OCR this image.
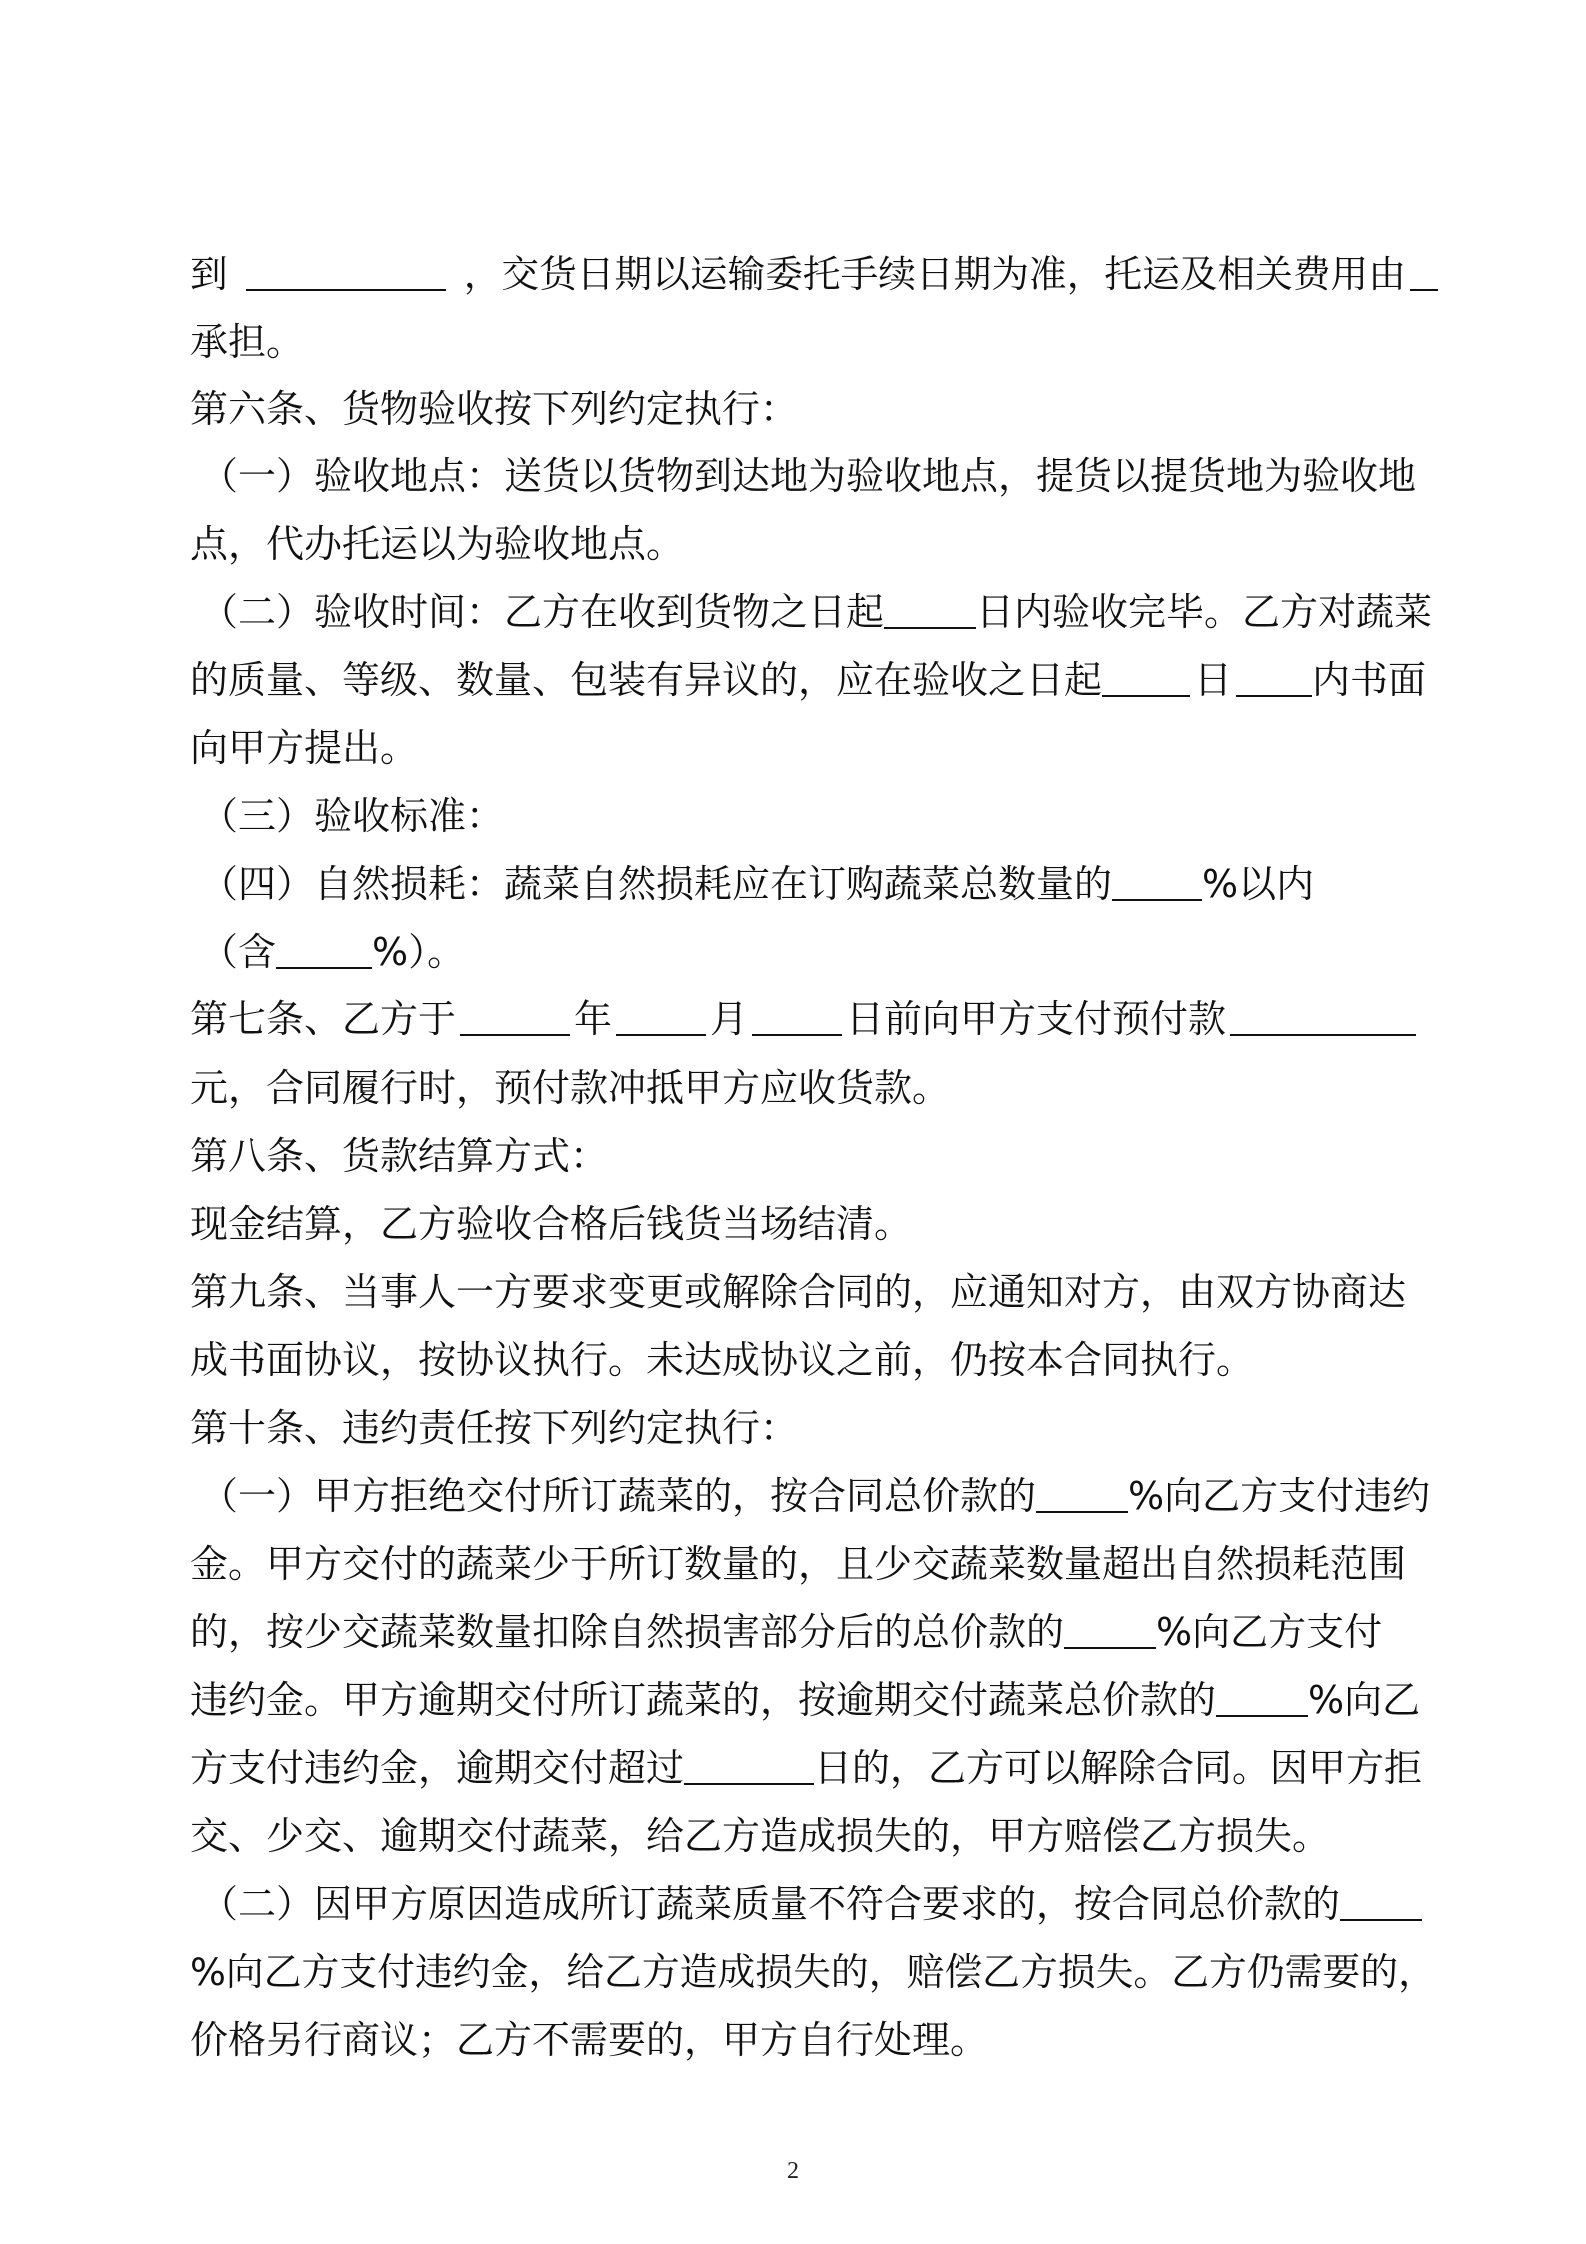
到	，交货日期以运输委托手续日期为准，托运及相关费用由
承担。
第六条、货物验收按下列约定执行：
（一）验收地点：送货以货物到达地为验收地点，提货以提货地为验收地
点，代办托运以为验收地点。
（二）验收时间：乙方在收到货物之日起 日内验收完毕。乙方对蔬菜
的质量、等级、数量、包装有异议的，应在验收之日起 日 内书面
向甲方提出。
（三）验收标准：
（四）自然损耗：蔬菜自然损耗应在订购蔬菜总数量的 %以内
（含	%）。
第七条、乙方于	年	月	日前向甲方支付预付款
元，合同履行时，预付款冲抵甲方应收货款。
第八条、货款结算方式：
现金结算，乙方验收合格后钱货当场结清。
第九条、当事人一方要求变更或解除合同的，应通知对方，由双方协商达
成书面协议，按协议执行。未达成协议之前，仍按本合同执行。
第十条、违约责任按下列约定执行：
（一）甲方拒绝交付所订蔬菜的，按合同总价款的 %向乙方支付违约
金。甲方交付的蔬菜少于所订数量的，且少交蔬菜数量超出自然损耗范围
的，按少交蔬菜数量扣除自然损害部分后的总价款的 %向乙方支付
违约金。甲方逾期交付所订蔬菜的，按逾期交付蔬菜总价款的 %向乙
方支付违约金，逾期交付超过	日的，乙方可以解除合同。因甲方拒
交、少交、逾期交付蔬菜，给乙方造成损失的，甲方赔偿乙方损失。
（二）因甲方原因造成所订蔬菜质量不符合要求的，按合同总价款的
%向乙方支付违约金，给乙方造成损失的，赔偿乙方损失。乙方仍需要的，
价格另行商议；乙方不需要的，甲方自行处理。
2
